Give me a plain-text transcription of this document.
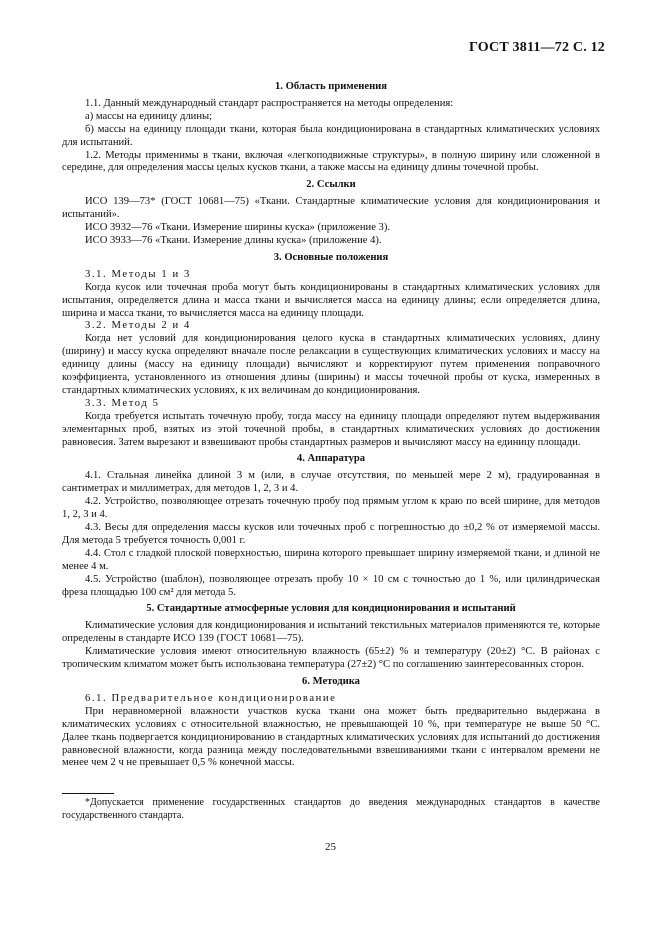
ГОСТ 3811—72 С. 12

1. Область применения

1.1. Данный международный стандарт распространяется на методы определения:

а) массы на единицу длины;

б) массы на единицу площади ткани, которая была кондиционирована в стандартных климатических условиях для испытаний.

1.2. Методы применимы в ткани, включая «легкоподвижные структуры», в полную ширину или сложенной в середине, для определения массы целых кусков ткани, а также массы на единицу длины точечной пробы.

2. Ссылки

ИСО 139—73* (ГОСТ 10681—75) «Ткани. Стандартные климатические условия для кондиционирования и испытаний».

ИСО 3932—76 «Ткани. Измерение ширины куска» (приложение 3).

ИСО 3933—76 «Ткани. Измерение длины куска» (приложение 4).

3. Основные положения

3.1. Методы 1 и 3

Когда кусок или точечная проба могут быть кондиционированы в стандартных климатических условиях для испытания, определяется длина и масса ткани и вычисляется масса на единицу длины; если определяется длина, ширина и масса ткани, то вычисляется масса на единицу площади.

3.2. Методы 2 и 4

Когда нет условий для кондиционирования целого куска в стандартных климатических условиях, длину (ширину) и массу куска определяют вначале после релаксации в существующих климатических условиях и массу на единицу длины (массу на единицу площади) вычисляют и корректируют путем применения поправочного коэффициента, установленного из отношения длины (ширины) и массы точечной пробы от куска, измеренных в стандартных климатических условиях, к их величинам до кондиционирования.

3.3. Метод 5

Когда требуется испытать точечную пробу, тогда массу на единицу площади определяют путем выдерживания элементарных проб, взятых из этой точечной пробы, в стандартных климатических условиях до достижения равновесия. Затем вырезают и взвешивают пробы стандартных размеров и вычисляют массу на единицу площади.

4. Аппаратура

4.1. Стальная линейка длиной 3 м (или, в случае отсутствия, по меньшей мере 2 м), градуированная в сантиметрах и миллиметрах, для методов 1, 2, 3 и 4.

4.2. Устройство, позволяющее отрезать точечную пробу под прямым углом к краю по всей ширине, для методов 1, 2, 3 и 4.

4.3. Весы для определения массы кусков или точечных проб с погрешностью до ±0,2 % от измеряемой массы. Для метода 5 требуется точность 0,001 г.

4.4. Стол с гладкой плоской поверхностью, ширина которого превышает ширину измеряемой ткани, и длиной не менее 4 м.

4.5. Устройство (шаблон), позволяющее отрезать пробу 10 × 10 см с точностью до 1 %, или цилиндрическая фреза площадью 100 см² для метода 5.

5. Стандартные атмосферные условия для кондиционирования и испытаний

Климатические условия для кондиционирования и испытаний текстильных материалов применяются те, которые определены в стандарте ИСО 139 (ГОСТ 10681—75).

Климатические условия имеют относительную влажность (65±2) % и температуру (20±2) °С. В районах с тропическим климатом может быть использована температура (27±2) °С по соглашению заинтересованных сторон.

6. Методика

6.1. Предварительное кондиционирование

При неравномерной влажности участков куска ткани она может быть предварительно выдержана в климатических условиях с относительной влажностью, не превышающей 10 %, при температуре не выше 50 °С. Далее ткань подвергается кондиционированию в стандартных климатических условиях для испытаний до достижения равновесной влажности, когда разница между последовательными взвешиваниями ткани с интервалом времени не менее чем 2 ч не превышает 0,5 % конечной массы.

*Допускается применение государственных стандартов до введения международных стандартов в качестве государственного стандарта.
25
